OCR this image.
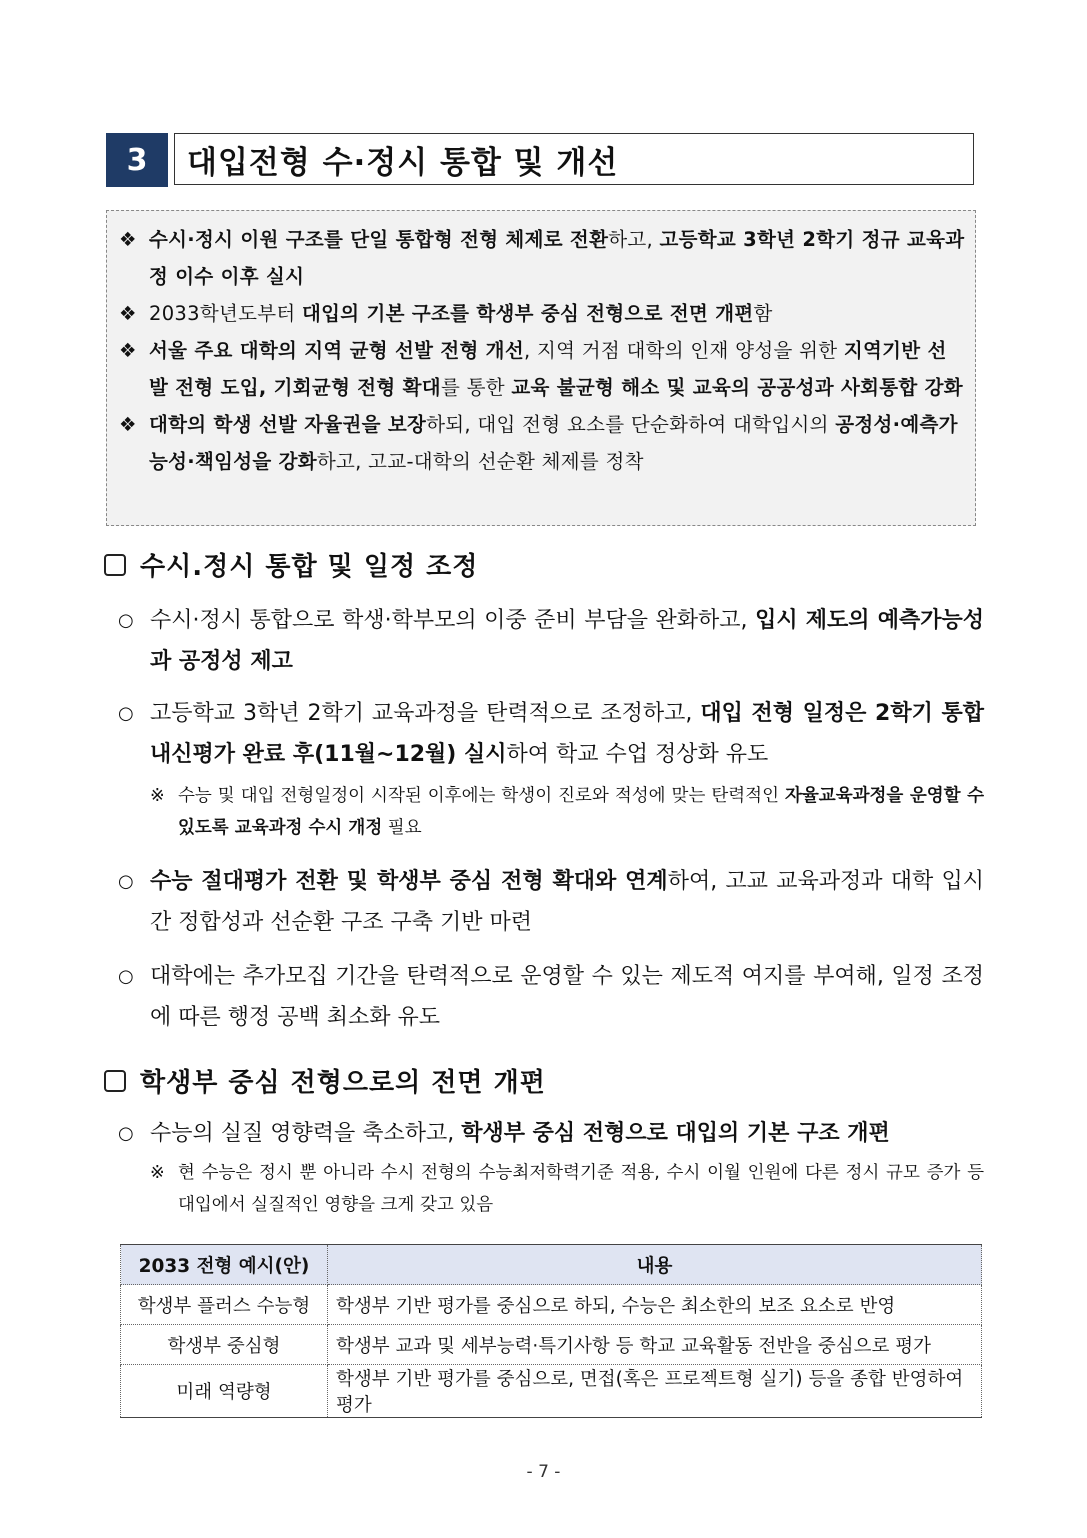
3	대입전형 수·정시 통합 및 개선
❖ 수시·정시 이원 구조를 단일 통합형 전형 체제로 전환하고, 고등학교 3학년 2학기 정규 교육과정 이수 이후 실시
❖ 2033학년도부터 대입의 기본 구조를 학생부 중심 전형으로 전면 개편함
❖ 서울 주요 대학의 지역 균형 선발 전형 개선, 지역 거점 대학의 인재 양성을 위한 지역기반 선발 전형 도입, 기회균형 전형 확대를 통한 교육 불균형 해소 및 교육의 공공성과 사회통합 강화
❖ 대학의 학생 선발 자율권을 보장하되, 대입 전형 요소를 단순화하여 대학입시의 공정성·예측가능성·책임성을 강화하고, 고교-대학의 선순환 체제를 정착
수시.정시 통합 및 일정 조정
○ 수시·정시 통합으로 학생·학부모의 이중 준비 부담을 완화하고, 입시 제도의 예측가능성과 공정성 제고
○ 고등학교 3학년 2학기 교육과정을 탄력적으로 조정하고, 대입 전형 일정은 2학기 통합 내신평가 완료 후(11월~12월) 실시하여 학교 수업 정상화 유도
※ 수능 및 대입 전형일정이 시작된 이후에는 학생이 진로와 적성에 맞는 탄력적인 자율교육과정을 운영할 수 있도록 교육과정 수시 개정 필요
○ 수능 절대평가 전환 및 학생부 중심 전형 확대와 연계하여, 고교 교육과정과 대학 입시 간 정합성과 선순환 구조 구축 기반 마련
○ 대학에는 추가모집 기간을 탄력적으로 운영할 수 있는 제도적 여지를 부여해, 일정 조정에 따른 행정 공백 최소화 유도
학생부 중심 전형으로의 전면 개편
○ 수능의 실질 영향력을 축소하고, 학생부 중심 전형으로 대입의 기본 구조 개편
※ 현 수능은 정시 뿐 아니라 수시 전형의 수능최저학력기준 적용, 수시 이월 인원에 다른 정시 규모 증가 등 대입에서 실질적인 영향을 크게 갖고 있음
2033 전형 예시(안)	내용
학생부 플러스 수능형	학생부 기반 평가를 중심으로 하되, 수능은 최소한의 보조 요소로 반영
학생부 중심형	학생부 교과 및 세부능력·특기사항 등 학교 교육활동 전반을 중심으로 평가
미래 역량형	학생부 기반 평가를 중심으로, 면접(혹은 프로젝트형 실기) 등을 종합 반영하여 평가
- 7 -
